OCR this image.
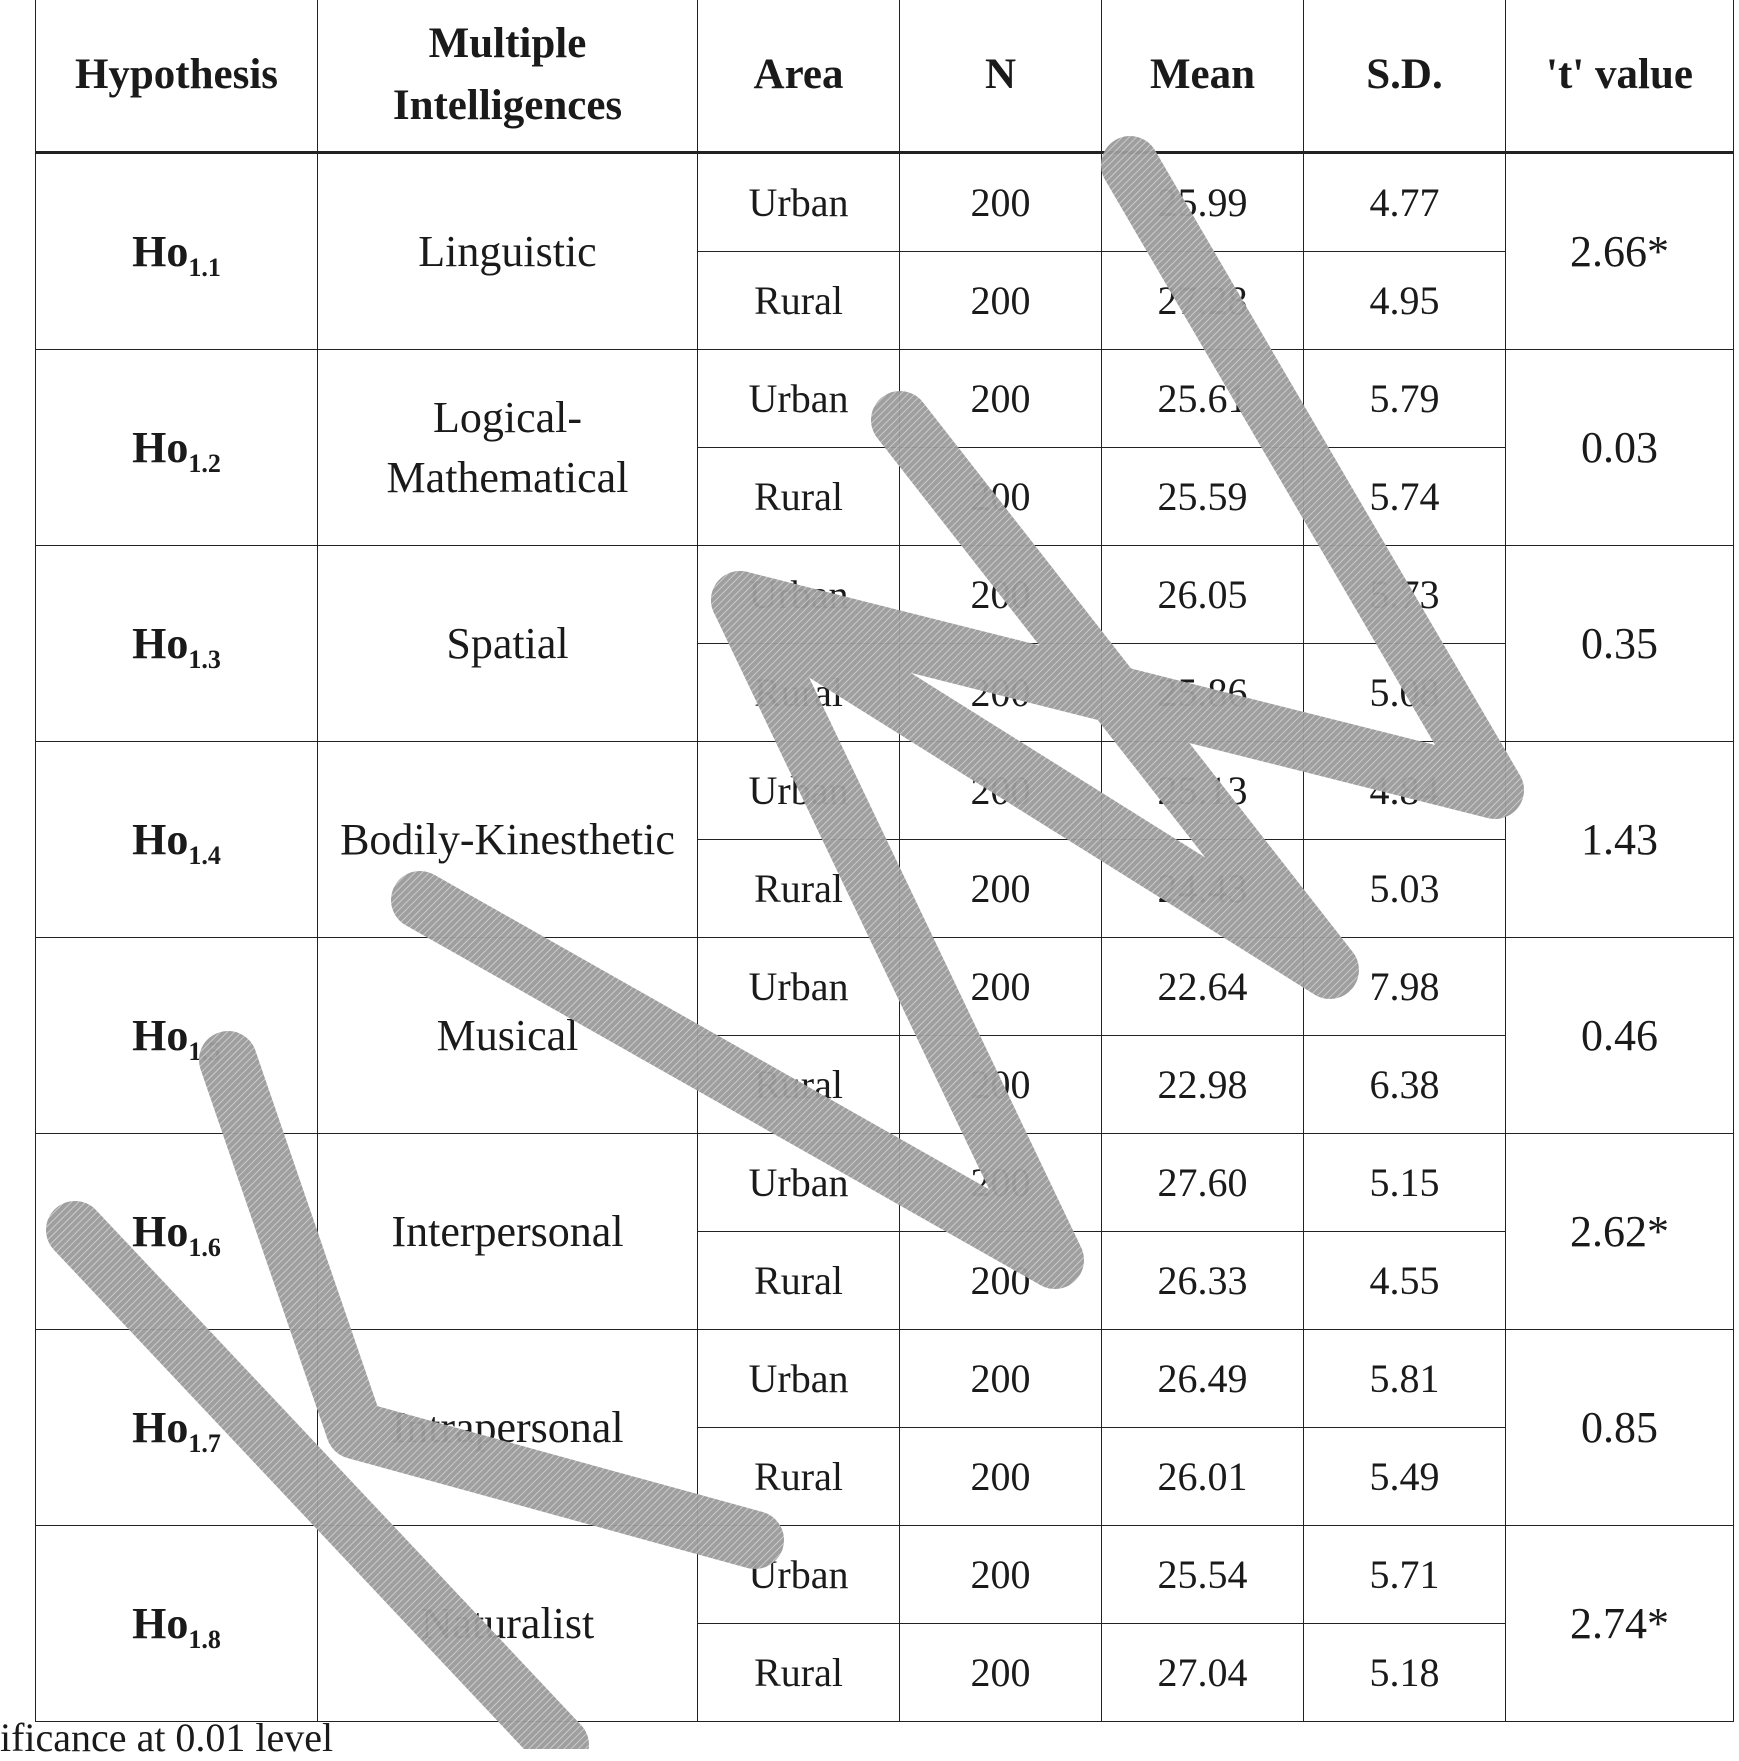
Hypothesis	Multiple Intelligences	Area	N	Mean	S.D.	't' value
$Ho_{1.1}$	Linguistic	Urban	200	25.99	4.77	2.66*
		Rural	200	27.28	4.95	
$Ho_{1.2}$	Logical-Mathematical	Urban	200	25.61	5.79	0.03
		Rural	200	25.59	5.74	
$Ho_{1.3}$	Spatial	Urban	200	26.05	5.73	0.35
		Rural	200	25.86	5.08	
$Ho_{1.4}$	Bodily-Kinesthetic	Urban	200	25.13	4.84	1.43
		Rural	200	24.43	5.03	
$Ho_{1.5}$	Musical	Urban	200	22.64	7.98	0.46
		Rural	200	22.98	6.38	
$Ho_{1.6}$	Interpersonal	Urban	200	27.60	5.15	2.62*
		Rural	200	26.33	4.55	
$Ho_{1.7}$	Intrapersonal	Urban	200	26.49	5.81	0.85
		Rural	200	26.01	5.49	
$Ho_{1.8}$	Naturalist	Urban	200	25.54	5.71	2.74*
		Rural	200	27.04	5.18	
ificance at 0.01 level
